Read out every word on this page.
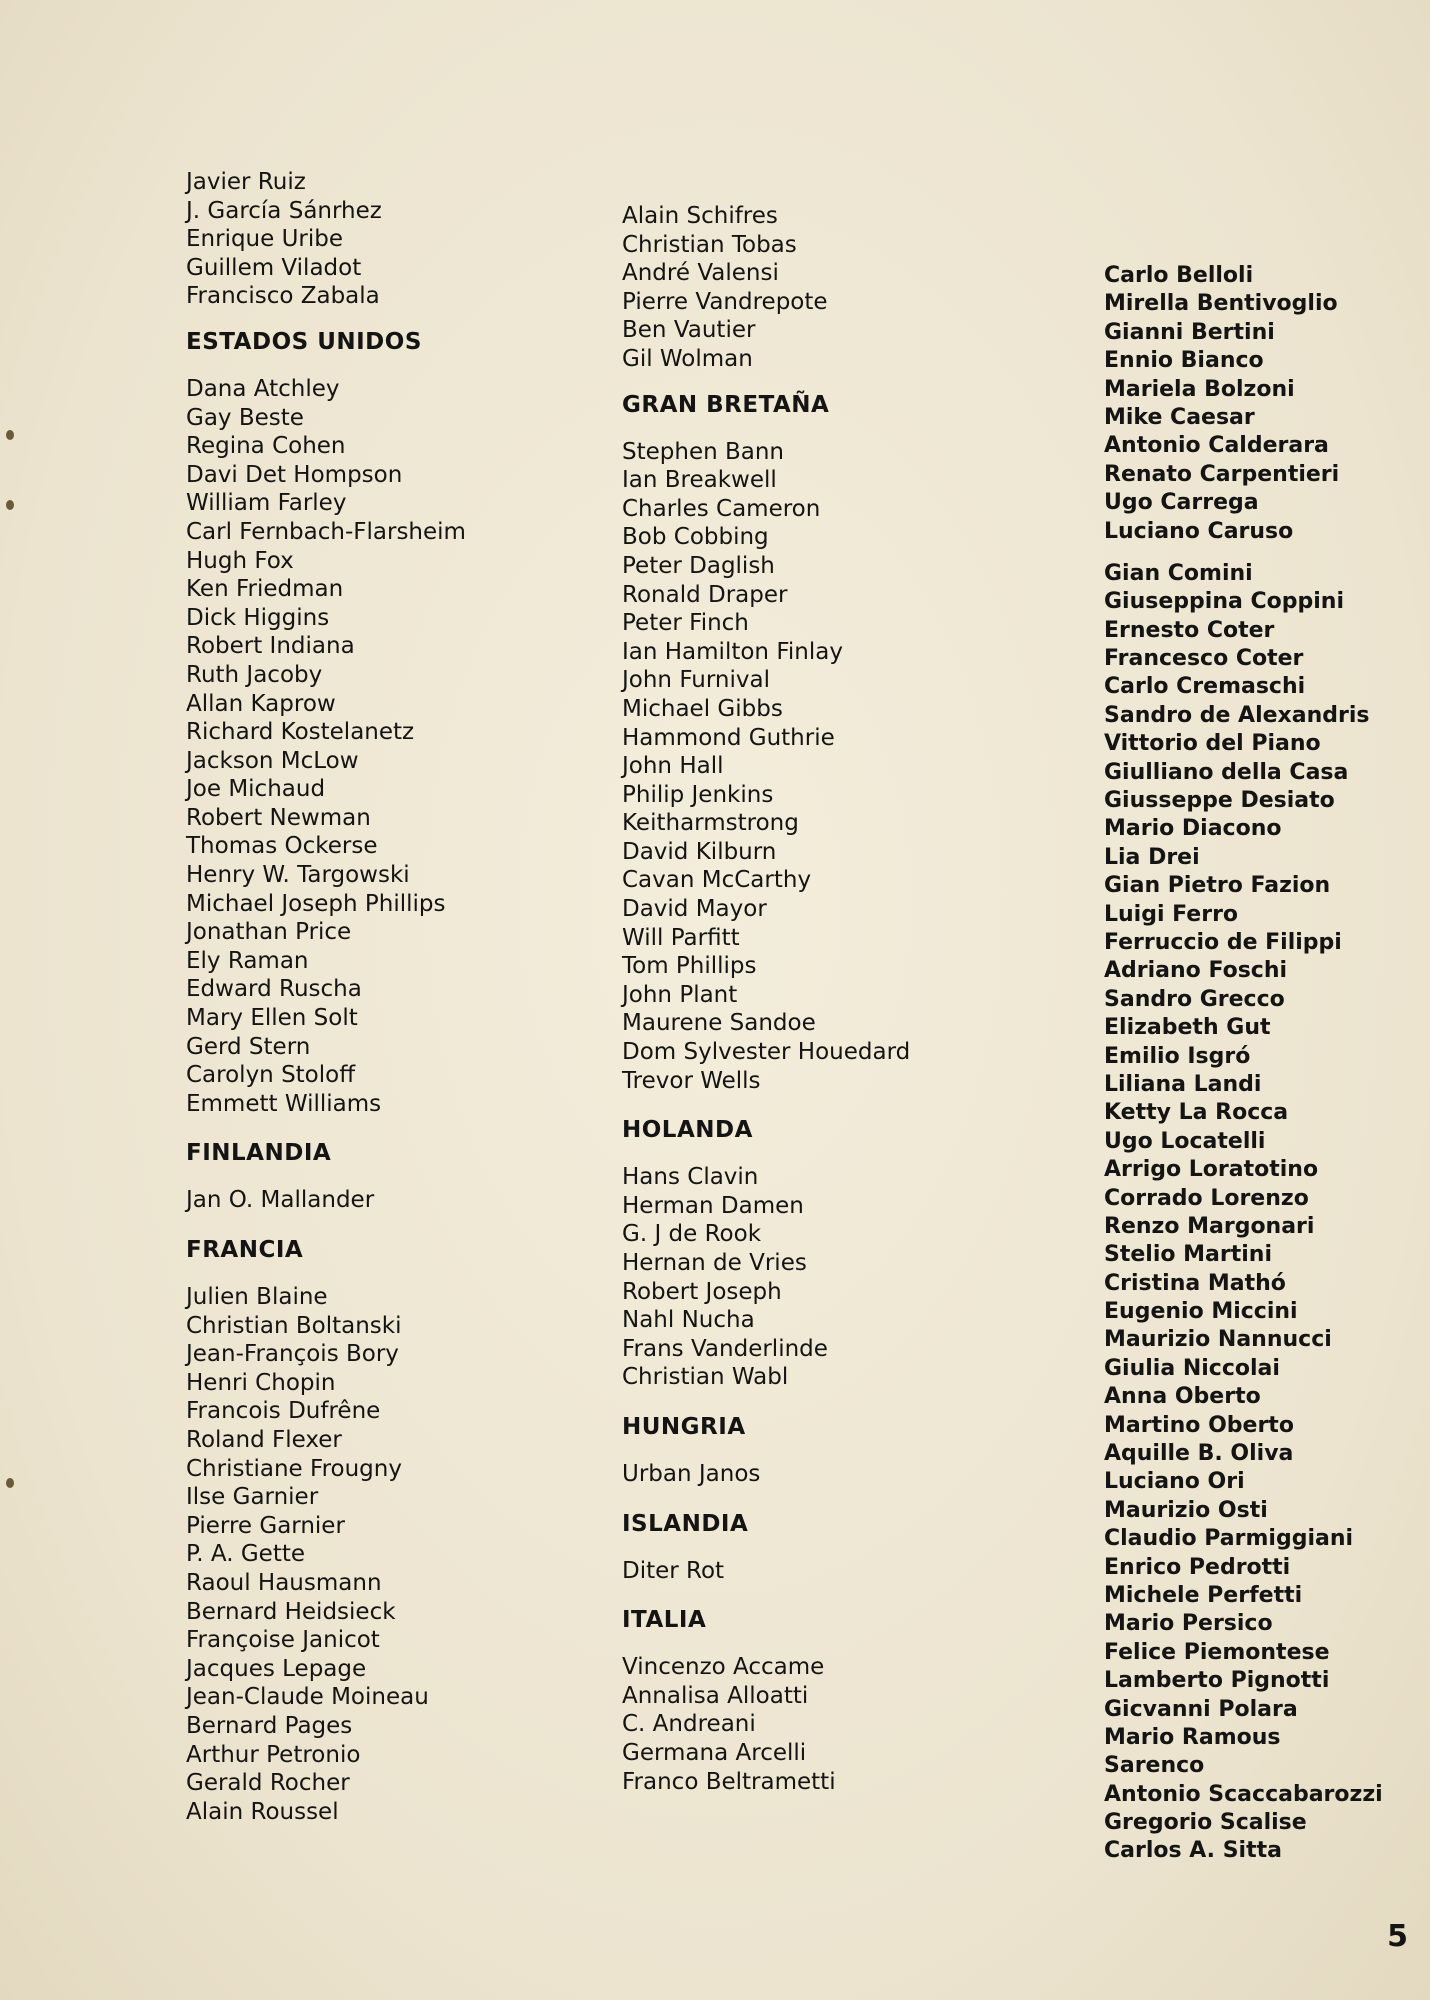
Javier Ruiz
J. García Sánrhez
Enrique Uribe
Guillem Viladot
Francisco Zabala
ESTADOS UNIDOS
Dana Atchley
Gay Beste
Regina Cohen
Davi Det Hompson
William Farley
Carl Fernbach-Flarsheim
Hugh Fox
Ken Friedman
Dick Higgins
Robert Indiana
Ruth Jacoby
Allan Kaprow
Richard Kostelanetz
Jackson McLow
Joe Michaud
Robert Newman
Thomas Ockerse
Henry W. Targowski
Michael Joseph Phillips
Jonathan Price
Ely Raman
Edward Ruscha
Mary Ellen Solt
Gerd Stern
Carolyn Stoloff
Emmett Williams
FINLANDIA
Jan O. Mallander
FRANCIA
Julien Blaine
Christian Boltanski
Jean-François Bory
Henri Chopin
Francois Dufrêne
Roland Flexer
Christiane Frougny
Ilse Garnier
Pierre Garnier
P. A. Gette
Raoul Hausmann
Bernard Heidsieck
Françoise Janicot
Jacques Lepage
Jean-Claude Moineau
Bernard Pages
Arthur Petronio
Gerald Rocher
Alain Roussel
Alain Schifres
Christian Tobas
André Valensi
Pierre Vandrepote
Ben Vautier
Gil Wolman
GRAN BRETAÑA
Stephen Bann
Ian Breakwell
Charles Cameron
Bob Cobbing
Peter Daglish
Ronald Draper
Peter Finch
Ian Hamilton Finlay
John Furnival
Michael Gibbs
Hammond Guthrie
John Hall
Philip Jenkins
Keitharmstrong
David Kilburn
Cavan McCarthy
David Mayor
Will Parfitt
Tom Phillips
John Plant
Maurene Sandoe
Dom Sylvester Houedard
Trevor Wells
HOLANDA
Hans Clavin
Herman Damen
G. J de Rook
Hernan de Vries
Robert Joseph
Nahl Nucha
Frans Vanderlinde
Christian Wabl
HUNGRIA
Urban Janos
ISLANDIA
Diter Rot
ITALIA
Vincenzo Accame
Annalisa Alloatti
C. Andreani
Germana Arcelli
Franco Beltrametti
Carlo Belloli
Mirella Bentivoglio
Gianni Bertini
Ennio Bianco
Mariela Bolzoni
Mike Caesar
Antonio Calderara
Renato Carpentieri
Ugo Carrega
Luciano Caruso
Gian Comini
Giuseppina Coppini
Ernesto Coter
Francesco Coter
Carlo Cremaschi
Sandro de Alexandris
Vittorio del Piano
Giulliano della Casa
Giusseppe Desiato
Mario Diacono
Lia Drei
Gian Pietro Fazion
Luigi Ferro
Ferruccio de Filippi
Adriano Foschi
Sandro Grecco
Elizabeth Gut
Emilio Isgró
Liliana Landi
Ketty La Rocca
Ugo Locatelli
Arrigo Loratotino
Corrado Lorenzo
Renzo Margonari
Stelio Martini
Cristina Mathó
Eugenio Miccini
Maurizio Nannucci
Giulia Niccolai
Anna Oberto
Martino Oberto
Aquille B. Oliva
Luciano Ori
Maurizio Osti
Claudio Parmiggiani
Enrico Pedrotti
Michele Perfetti
Mario Persico
Felice Piemontese
Lamberto Pignotti
Gicvanni Polara
Mario Ramous
Sarenco
Antonio Scaccabarozzi
Gregorio Scalise
Carlos A. Sitta
5
